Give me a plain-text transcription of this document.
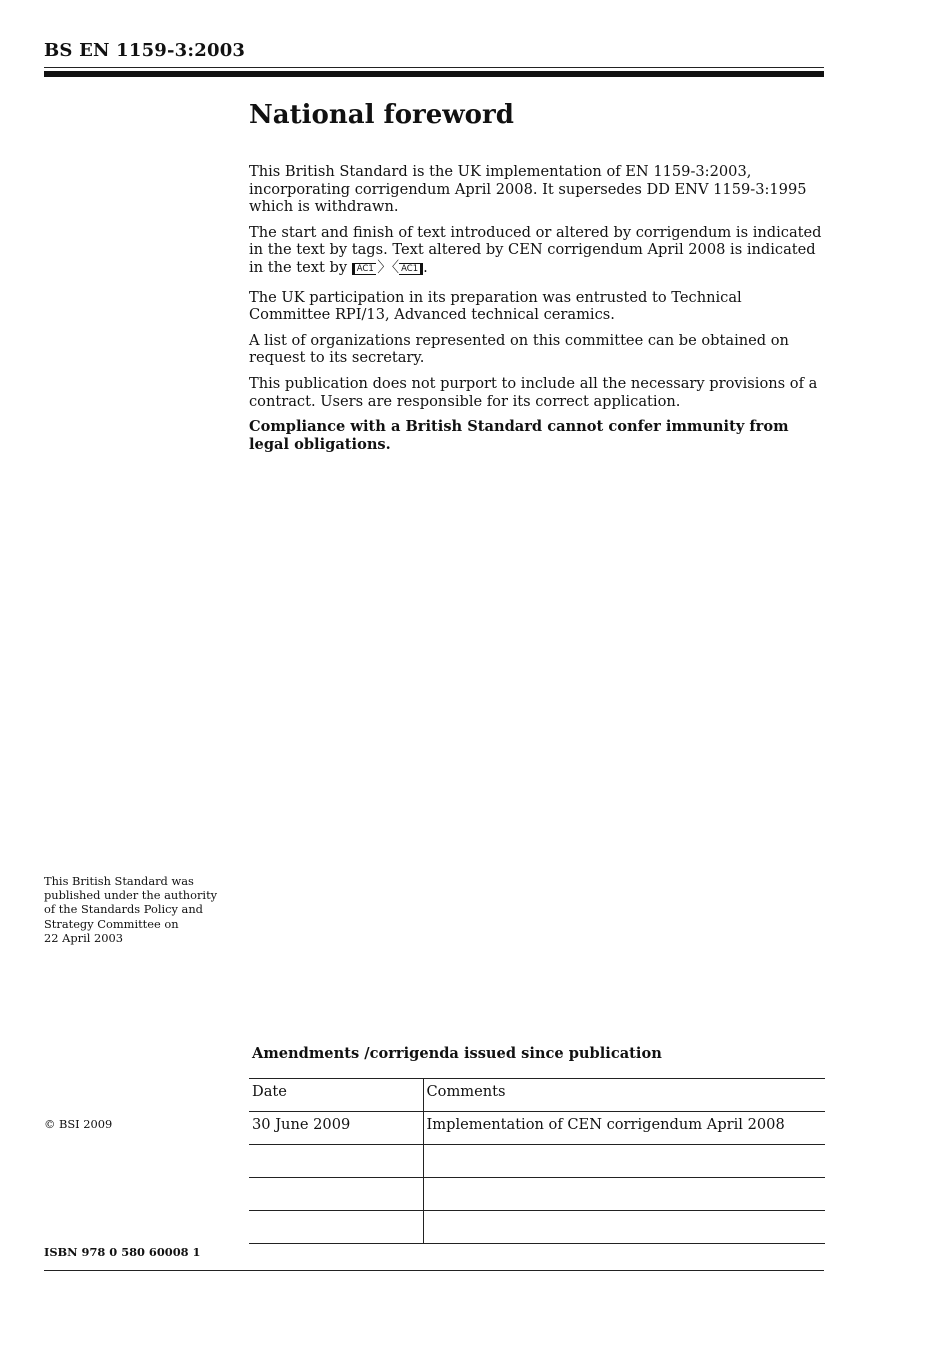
BS EN 1159-3:2003
National foreword

This British Standard is the UK implementation of EN 1159-3:2003, incorporating corrigendum April 2008. It supersedes DD ENV 1159-3:1995 which is withdrawn.

The start and finish of text introduced or altered by corrigendum is indicated in the text by tags. Text altered by CEN corrigendum April 2008 is indicated in the text by AC1  〉〈 AC1 .

The UK participation in its preparation was entrusted to Technical Committee RPI/13, Advanced technical ceramics.

A list of organizations represented on this committee can be obtained on request to its secretary.

This publication does not purport to include all the necessary provisions of a contract. Users are responsible for its correct application.

Compliance with a British Standard cannot confer immunity from legal obligations.

This British Standard was
published under the authority
of the Standards Policy and
Strategy Committee on
22 April 2003
Amendments /corrigenda issued since publication
Date	Comments
30 June 2009	Implementation of CEN corrigendum April 2008

© BSI 2009
ISBN 978 0 580 60008 1
